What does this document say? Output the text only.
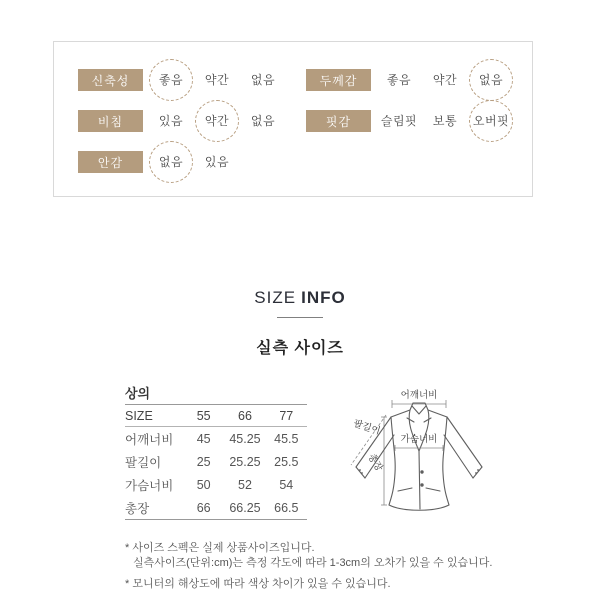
신축성	좋음	약간	없음
비침	있음	약간	없음
안감	없음	있음
두께감	좋음	약간	없음
핏감	슬림핏	보통	오버핏
SIZE INFO
실측 사이즈
상의
SIZE	55	66	77
어깨너비	45	45.25	45.5
팔길이	25	25.25	25.5
가슴너비	50	52	54
총장	66	66.25	66.5
어깨너비
총장
팔길이
가슴너비
* 사이즈 스펙은 실제 상품사이즈입니다.
실측사이즈(단위:cm)는 측정 각도에 따라 1-3cm의 오차가 있을 수 있습니다.
* 모니터의 해상도에 따라 색상 차이가 있을 수 있습니다.
